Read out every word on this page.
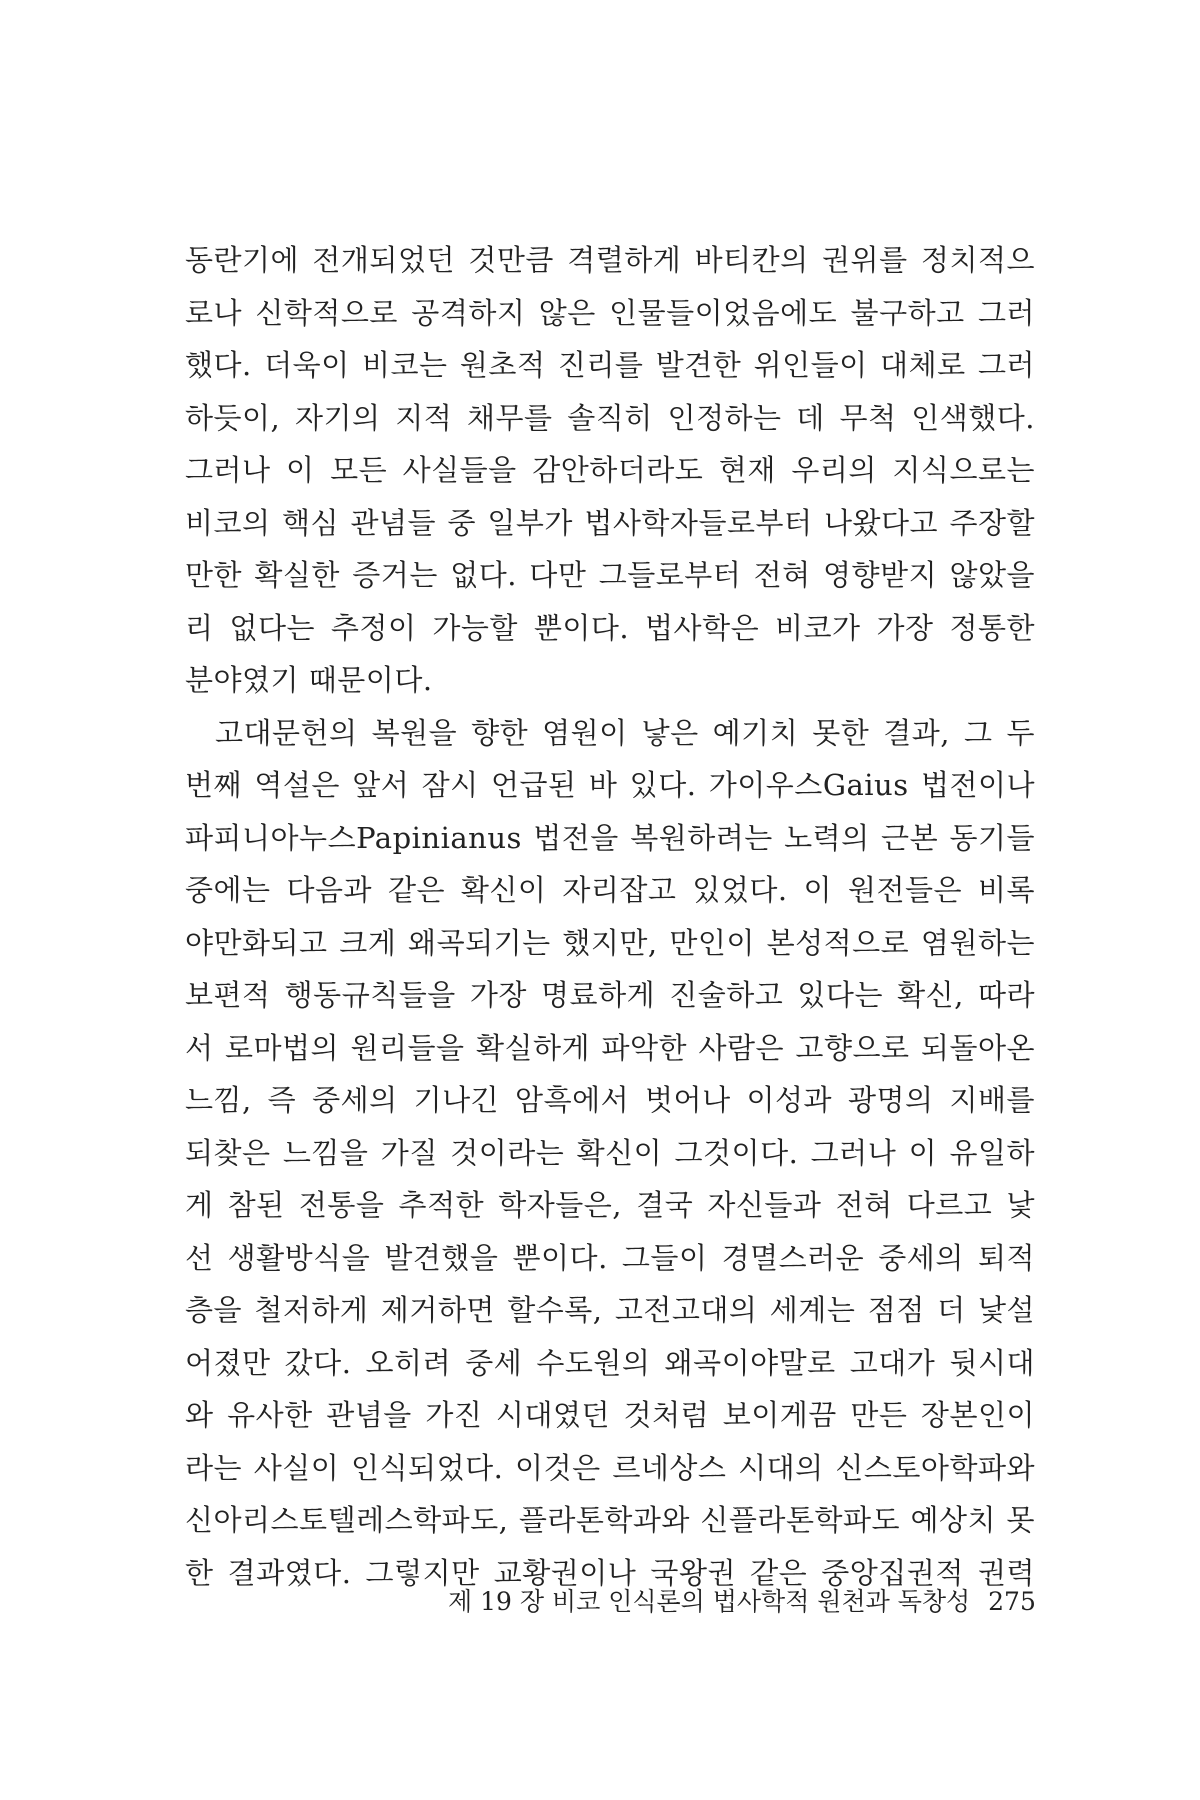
동란기에 전개되었던 것만큼 격렬하게 바티칸의 권위를 정치적으
로나 신학적으로 공격하지 않은 인물들이었음에도 불구하고 그러
했다. 더욱이 비코는 원초적 진리를 발견한 위인들이 대체로 그러
하듯이, 자기의 지적 채무를 솔직히 인정하는 데 무척 인색했다.
그러나 이 모든 사실들을 감안하더라도 현재 우리의 지식으로는
비코의 핵심 관념들 중 일부가 법사학자들로부터 나왔다고 주장할
만한 확실한 증거는 없다. 다만 그들로부터 전혀 영향받지 않았을
리 없다는 추정이 가능할 뿐이다. 법사학은 비코가 가장 정통한
분야였기 때문이다.
고대문헌의 복원을 향한 염원이 낳은 예기치 못한 결과, 그 두
번째 역설은 앞서 잠시 언급된 바 있다. 가이우스Gaius 법전이나
파피니아누스Papinianus 법전을 복원하려는 노력의 근본 동기들
중에는 다음과 같은 확신이 자리잡고 있었다. 이 원전들은 비록
야만화되고 크게 왜곡되기는 했지만, 만인이 본성적으로 염원하는
보편적 행동규칙들을 가장 명료하게 진술하고 있다는 확신, 따라
서 로마법의 원리들을 확실하게 파악한 사람은 고향으로 되돌아온
느낌, 즉 중세의 기나긴 암흑에서 벗어나 이성과 광명의 지배를
되찾은 느낌을 가질 것이라는 확신이 그것이다. 그러나 이 유일하
게 참된 전통을 추적한 학자들은, 결국 자신들과 전혀 다르고 낯
선 생활방식을 발견했을 뿐이다. 그들이 경멸스러운 중세의 퇴적
층을 철저하게 제거하면 할수록, 고전고대의 세계는 점점 더 낯설
어졌만 갔다. 오히려 중세 수도원의 왜곡이야말로 고대가 뒷시대
와 유사한 관념을 가진 시대였던 것처럼 보이게끔 만든 장본인이
라는 사실이 인식되었다. 이것은 르네상스 시대의 신스토아학파와
신아리스토텔레스학파도, 플라톤학과와 신플라톤학파도 예상치 못
한 결과였다. 그렇지만 교황권이나 국왕권 같은 중앙집권적 권력
제 19 장 비코 인식론의 법사학적 원천과 독창성 275
